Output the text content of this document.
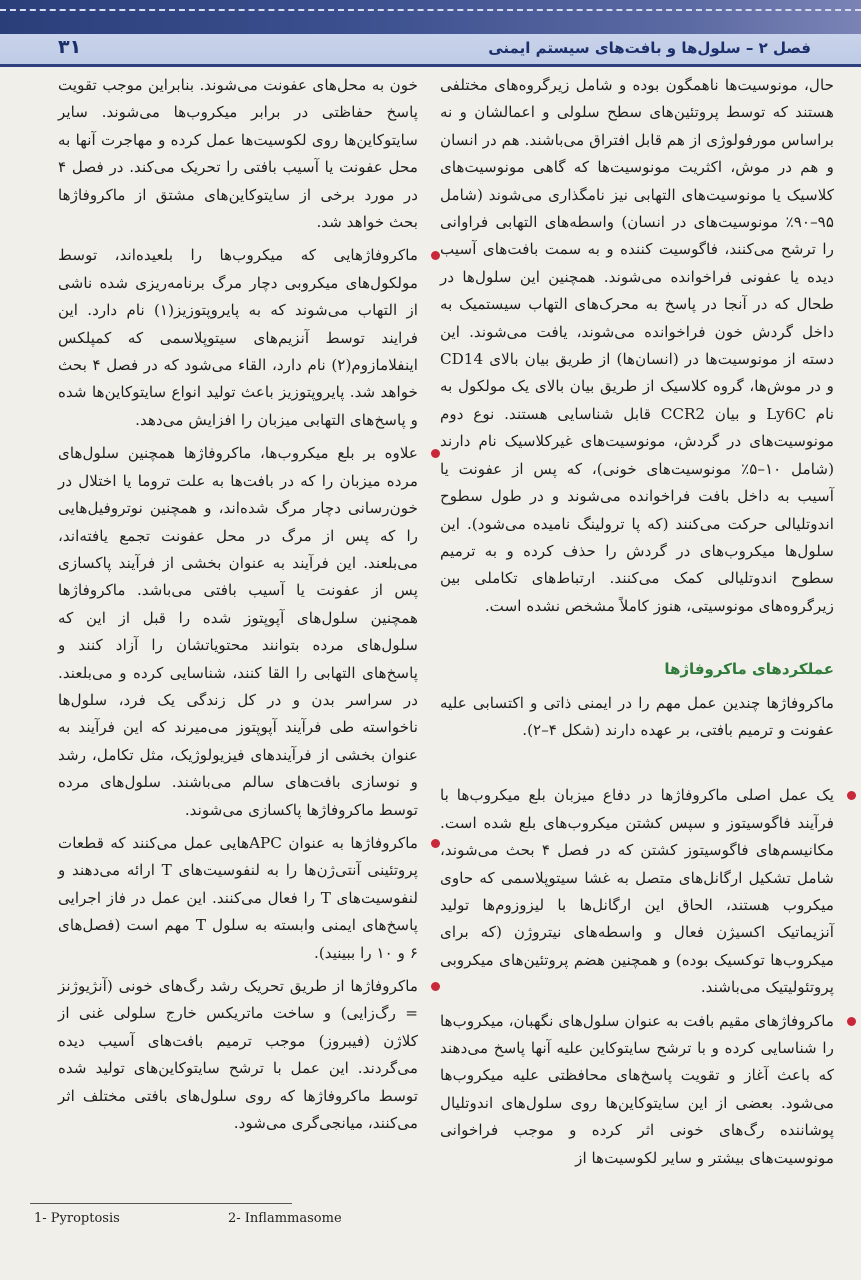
۳۱	فصل ۲ – سلول‌ها و بافت‌های سیستم ایمنی

حال، مونوسیت‌ها ناهمگون بوده و شامل زیرگروه‌های مختلفی هستند که توسط پروتئین‌های سطح سلولی و اعمالشان و نه براساس مورفولوژی از هم قابل افتراق می‌باشند. هم در انسان و هم در موش، اکثریت مونوسیت‌ها که گاهی مونوسیت‌های کلاسیک یا مونوسیت‌های التهابی نیز نامگذاری می‌شوند (شامل ۹۵–۹۰٪ مونوسیت‌های در انسان) واسطه‌های التهابی فراوانی را ترشح می‌کنند، فاگوسیت کننده و به سمت بافت‌های آسیب دیده یا عفونی فراخوانده می‌شوند. همچنین این سلول‌ها در طحال که در آنجا در پاسخ به محرک‌های التهاب سیستمیک به داخل گردش خون فراخوانده می‌شوند، یافت می‌شوند. این دسته از مونوسیت‌ها در (انسان‌ها) از طریق بیان بالای CD14 و در موش‌ها، گروه کلاسیک از طریق بیان بالای یک مولکول به نام Ly6C و بیان CCR2 قابل شناسایی هستند. نوع دوم مونوسیت‌های در گردش، مونوسیت‌های غیرکلاسیک نام دارند (شامل ۱۰–۵٪ مونوسیت‌های خونی)، که پس از عفونت یا آسیب به داخل بافت فراخوانده می‌شوند و در طول سطوح اندوتلیالی حرکت می‌کنند (که پا ترولینگ نامیده می‌شود). این سلول‌ها میکروب‌های در گردش را حذف کرده و به ترمیم سطوح اندوتلیالی کمک می‌کنند. ارتباط‌های تکاملی بین زیرگروه‌های مونوسیتی، هنوز کاملاً مشخص نشده است.

عملکردهای ماکروفاژها

ماکروفاژها چندین عمل مهم را در ایمنی ذاتی و اکتسابی علیه عفونت و ترمیم بافتی، بر عهده دارند (شکل ۴–۲).

یک عمل اصلی ماکروفاژها در دفاع میزبان بلع میکروب‌ها با فرآیند فاگوسیتوز و سپس کشتن میکروب‌های بلع شده است. مکانیسم‌های فاگوسیتوز کشتن که در فصل ۴ بحث می‌شوند، شامل تشکیل ارگانل‌های متصل به غشا سیتوپلاسمی که حاوی میکروب هستند، الحاق این ارگانل‌ها با لیزوزوم‌ها تولید آنزیماتیک اکسیژن فعال و واسطه‌های نیتروژن (که برای میکروب‌ها توکسیک بوده) و همچنین هضم پروتئین‌های میکروبی پروتئولیتیک می‌باشند.
ماکروفاژهای مقیم بافت به عنوان سلول‌های نگهبان، میکروب‌ها را شناسایی کرده و با ترشح سایتوکاین علیه آنها پاسخ می‌دهند که باعث آغاز و تقویت پاسخ‌های محافظتی علیه میکروب‌ها می‌شود. بعضی از این سایتوکاین‌ها روی سلول‌های اندوتلیال پوشاننده رگ‌های خونی اثر کرده و موجب فراخوانی مونوسیت‌های بیشتر و سایر لکوسیت‌ها از

خون به محل‌های عفونت می‌شوند. بنابراین موجب تقویت پاسخ حفاظتی در برابر میکروب‌ها می‌شوند. سایر سایتوکاین‌ها روی لکوسیت‌ها عمل کرده و مهاجرت آنها به محل عفونت یا آسیب بافتی را تحریک می‌کند. در فصل ۴ در مورد برخی از سایتوکاین‌های مشتق از ماکروفاژها بحث خواهد شد.

ماکروفاژهایی که میکروب‌ها را بلعیده‌اند، توسط مولکول‌های میکروبی دچار مرگ برنامه‌ریزی شده ناشی از التهاب می‌شوند که به پایروپتوزیز(۱) نام دارد. این فرایند توسط آنزیم‌های سیتوپلاسمی که کمپلکس اینفلامازوم(۲) نام دارد، القاء می‌شود که در فصل ۴ بحث خواهد شد. پایروپتوزیز باعث تولید انواع سایتوکاین‌ها شده و پاسخ‌های التهابی میزبان را افزایش می‌دهد.
علاوه بر بلع میکروب‌ها، ماکروفاژها همچنین سلول‌های مرده میزبان را که در بافت‌ها به علت تروما یا اختلال در خون‌رسانی دچار مرگ شده‌اند، و همچنین نوتروفیل‌هایی را که پس از مرگ در محل عفونت تجمع یافته‌اند، می‌بلعند. این فرآیند به عنوان بخشی از فرآیند پاکسازی پس از عفونت یا آسیب بافتی می‌باشد. ماکروفاژها همچنین سلول‌های آپوپتوز شده را قبل از این که سلول‌های مرده بتوانند محتویاتشان را آزاد کنند و پاسخ‌های التهابی را القا کنند، شناسایی کرده و می‌بلعند. در سراسر بدن و در کل زندگی یک فرد، سلول‌ها ناخواسته طی فرآیند آپوپتوز می‌میرند که این فرآیند به عنوان بخشی از فرآیندهای فیزیولوژیک، مثل تکامل، رشد و نوسازی بافت‌های سالم می‌باشند. سلول‌های مرده توسط ماکروفاژها پاکسازی می‌شوند.
ماکروفاژها به عنوان APCهایی عمل می‌کنند که قطعات پروتئینی آنتی‌ژن‌ها را به لنفوسیت‌های T ارائه می‌دهند و لنفوسیت‌های T را فعال می‌کنند. این عمل در فاز اجرایی پاسخ‌های ایمنی وابسته به سلول T مهم است (فصل‌های ۶ و ۱۰ را ببینید).
ماکروفاژها از طریق تحریک رشد رگ‌های خونی (آنژیوژنز = رگ‌زایی) و ساخت ماتریکس خارج سلولی غنی از کلاژن (فیبروز) موجب ترمیم بافت‌های آسیب دیده می‌گردند. این عمل با ترشح سایتوکاین‌های تولید شده توسط ماکروفاژها که روی سلول‌های بافتی مختلف اثر می‌کنند، میانجی‌گری می‌شود.
1- Pyroptosis	2- Inflammasome
